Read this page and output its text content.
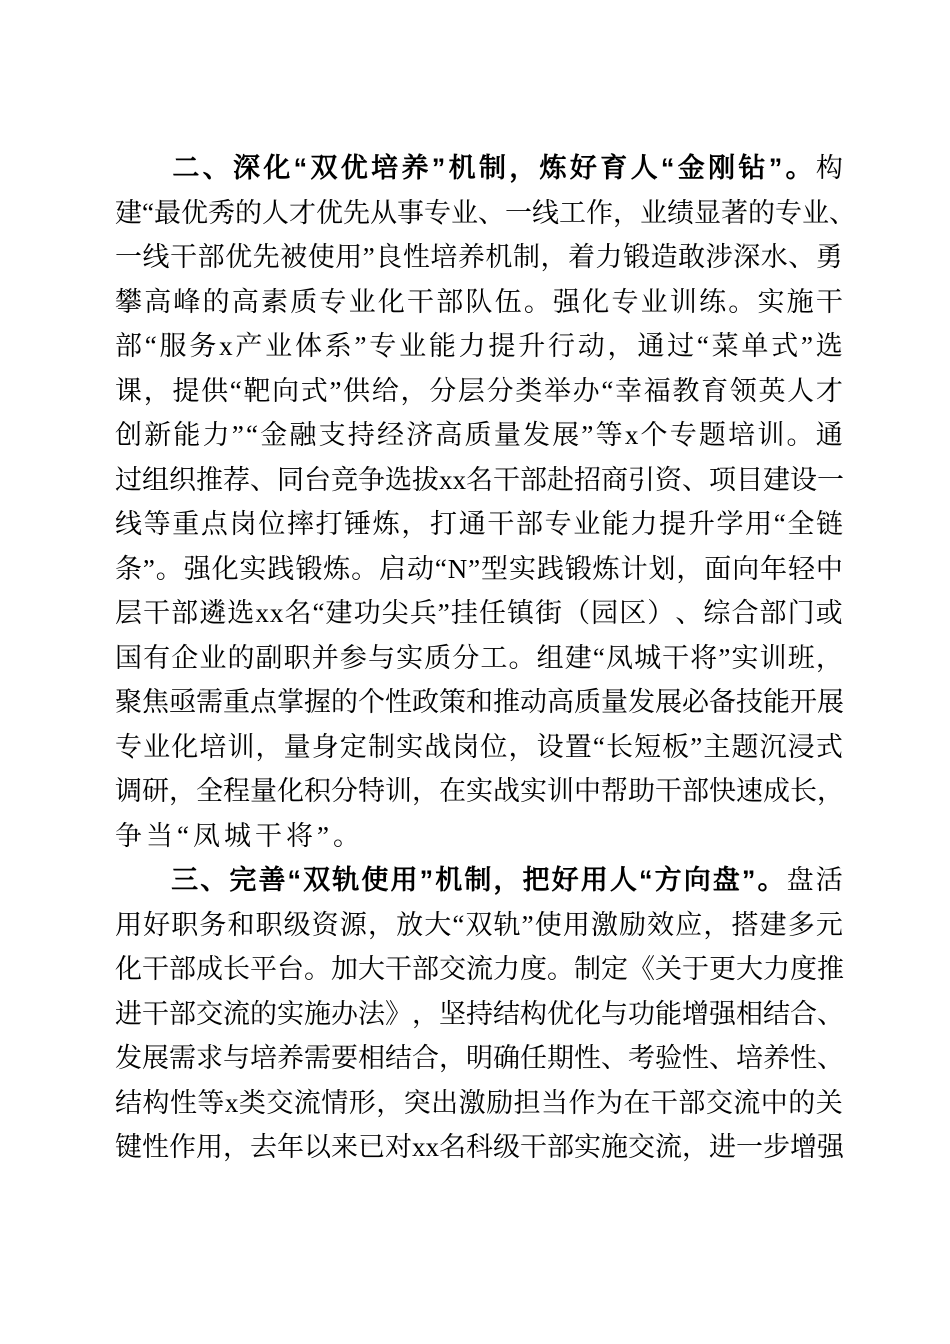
二 、 深 化 “ 双 优 培 养 ” 机 制 ， 炼 好 育 人 “ 金 刚 钻 ” 。 构
建 “ 最 优 秀 的 人 才 优 先 从 事 专 业 、 一 线 工 作 ， 业 绩 显 著 的 专 业 、
一 线 干 部 优 先 被 使 用 ” 良 性 培 养 机 制 ， 着 力 锻 造 敢 涉 深 水 、 勇
攀 高 峰 的 高 素 质 专 业 化 干 部 队 伍 。 强 化 专 业 训 练 。 实 施 干
部 “ 服 务 x 产 业 体 系 ” 专 业 能 力 提 升 行 动 ， 通 过 “ 菜 单 式 ” 选
课 ， 提 供 “ 靶 向 式 ” 供 给 ， 分 层 分 类 举 办 “ 幸 福 教 育 领 英 人 才
创 新 能 力 ” “ 金 融 支 持 经 济 高 质 量 发 展 ” 等 x 个 专 题 培 训 。 通
过 组 织 推 荐 、 同 台 竞 争 选 拔 x x 名 干 部 赴 招 商 引 资 、 项 目 建 设 一
线 等 重 点 岗 位 摔 打 锤 炼 ， 打 通 干 部 专 业 能 力 提 升 学 用 “ 全 链
条 ” 。 强 化 实 践 锻 炼 。 启 动 “ N ” 型 实 践 锻 炼 计 划 ， 面 向 年 轻 中
层 干 部 遴 选 x x 名 “ 建 功 尖 兵 ” 挂 任 镇 街 （ 园 区 ） 、 综 合 部 门 或
国 有 企 业 的 副 职 并 参 与 实 质 分 工 。 组 建 “ 凤 城 干 将 ” 实 训 班 ，
聚 焦 亟 需 重 点 掌 握 的 个 性 政 策 和 推 动 高 质 量 发 展 必 备 技 能 开 展
专 业 化 培 训 ， 量 身 定 制 实 战 岗 位 ， 设 置 “ 长 短 板 ” 主 题 沉 浸 式
调 研 ， 全 程 量 化 积 分 特 训 ， 在 实 战 实 训 中 帮 助 干 部 快 速 成 长 ，
争 当 “ 凤 城 干 将 ” 。
三 、 完 善 “ 双 轨 使 用 ” 机 制 ， 把 好 用 人 “ 方 向 盘 ” 。 盘 活
用 好 职 务 和 职 级 资 源 ， 放 大 “ 双 轨 ” 使 用 激 励 效 应 ， 搭 建 多 元
化 干 部 成 长 平 台 。 加 大 干 部 交 流 力 度 。 制 定 《 关 于 更 大 力 度 推
进 干 部 交 流 的 实 施 办 法 》 ， 坚 持 结 构 优 化 与 功 能 增 强 相 结 合 、
发 展 需 求 与 培 养 需 要 相 结 合 ， 明 确 任 期 性 、 考 验 性 、 培 养 性 、
结 构 性 等 x 类 交 流 情 形 ， 突 出 激 励 担 当 作 为 在 干 部 交 流 中 的 关
键 性 作 用 ， 去 年 以 来 已 对 x x 名 科 级 干 部 实 施 交 流 ， 进 一 步 增 强
